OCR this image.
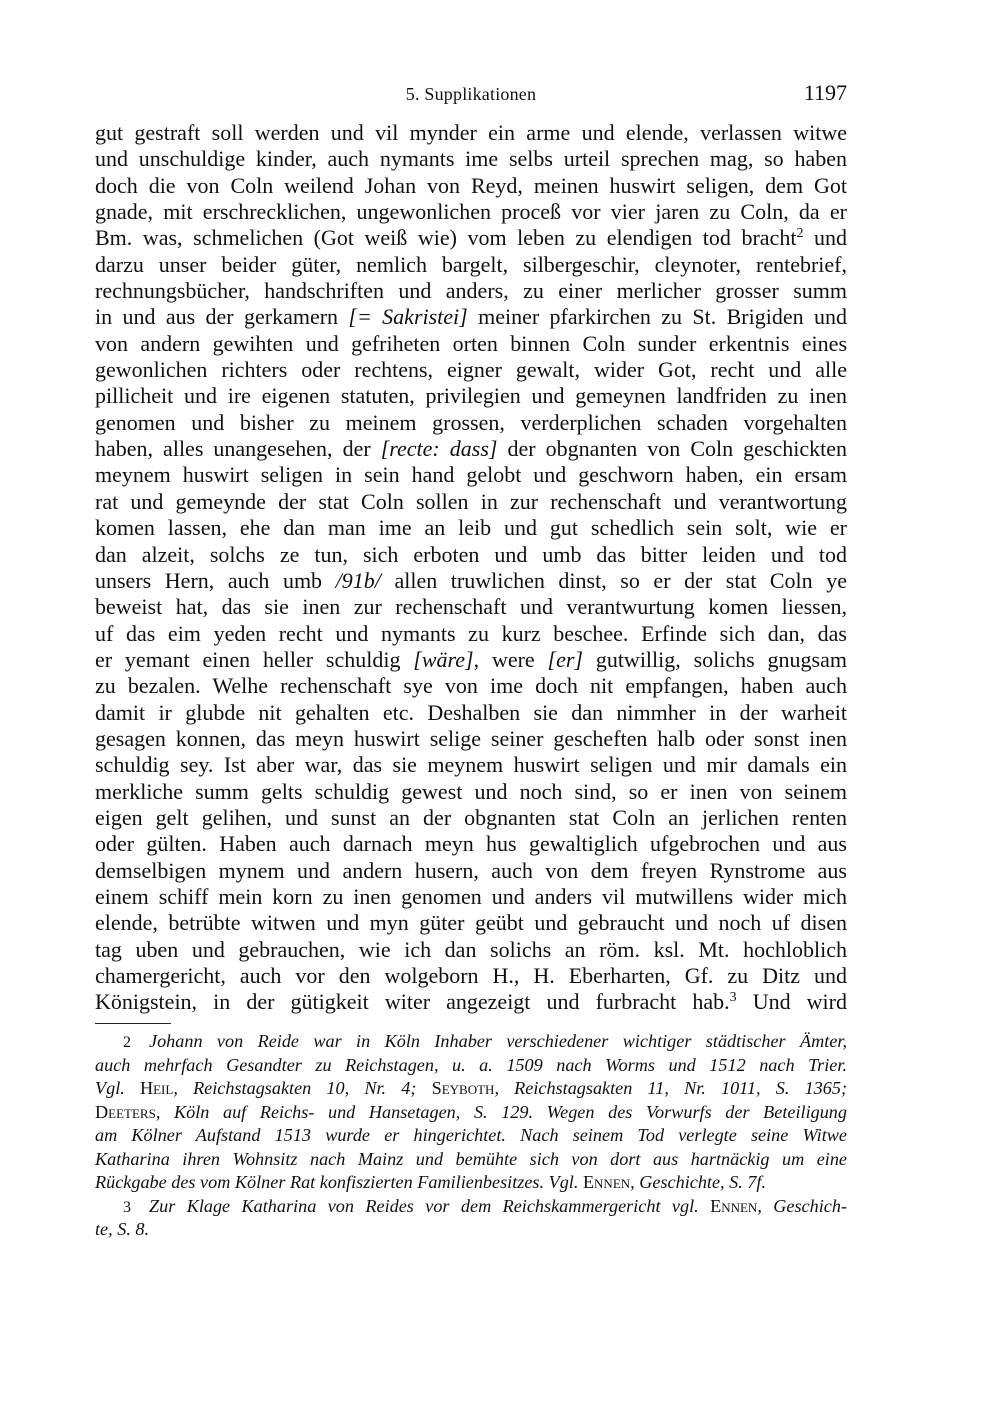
5. Supplikationen	1197
gut gestraft soll werden und vil mynder ein arme und elende, verlassen witwe
und unschuldige kinder, auch nymants ime selbs urteil sprechen mag, so haben
doch die von Coln weilend Johan von Reyd, meinen huswirt seligen, dem Got
gnade, mit erschrecklichen, ungewonlichen proceß vor vier jaren zu Coln, da er
Bm. was, schmelichen (Got weiß wie) vom leben zu elendigen tod bracht$^2$ und
darzu unser beider güter, nemlich bargelt, silbergeschir, cleynoter, rentebrief,
rechnungsbücher, handschriften und anders, zu einer merlicher grosser summ
in und aus der gerkamern [= Sakristei] meiner pfarkirchen zu St. Brigiden und
von andern gewihten und gefriheten orten binnen Coln sunder erkentnis eines
gewonlichen richters oder rechtens, eigner gewalt, wider Got, recht und alle
pillicheit und ire eigenen statuten, privilegien und gemeynen landfriden zu inen
genomen und bisher zu meinem grossen, verderplichen schaden vorgehalten
haben, alles unangesehen, der [recte: dass] der obgnanten von Coln geschickten
meynem huswirt seligen in sein hand gelobt und geschworn haben, ein ersam
rat und gemeynde der stat Coln sollen in zur rechenschaft und verantwortung
komen lassen, ehe dan man ime an leib und gut schedlich sein solt, wie er
dan alzeit, solchs ze tun, sich erboten und umb das bitter leiden und tod
unsers Hern, auch umb /91b/ allen truwlichen dinst, so er der stat Coln ye
beweist hat, das sie inen zur rechenschaft und verantwurtung komen liessen,
uf das eim yeden recht und nymants zu kurz beschee. Erfinde sich dan, das
er yemant einen heller schuldig [wäre], were [er] gutwillig, solichs gnugsam
zu bezalen. Welhe rechenschaft sye von ime doch nit empfangen, haben auch
damit ir glubde nit gehalten etc. Deshalben sie dan nimmher in der warheit
gesagen konnen, das meyn huswirt selige seiner gescheften halb oder sonst inen
schuldig sey. Ist aber war, das sie meynem huswirt seligen und mir damals ein
merkliche summ gelts schuldig gewest und noch sind, so er inen von seinem
eigen gelt gelihen, und sunst an der obgnanten stat Coln an jerlichen renten
oder gülten. Haben auch darnach meyn hus gewaltiglich ufgebrochen und aus
demselbigen mynem und andern husern, auch von dem freyen Rynstrome aus
einem schiff mein korn zu inen genomen und anders vil mutwillens wider mich
elende, betrübte witwen und myn güter geübt und gebraucht und noch uf disen
tag uben und gebrauchen, wie ich dan solichs an röm. ksl. Mt. hochloblich
chamergericht, auch vor den wolgeborn H., H. Eberharten, Gf. zu Ditz und
Königstein, in der gütigkeit witer angezeigt und furbracht hab.$^3$ Und wird
2 Johann von Reide war in Köln Inhaber verschiedener wichtiger städtischer Ämter,
auch mehrfach Gesandter zu Reichstagen, u. a. 1509 nach Worms und 1512 nach Trier.
Vgl. Heil, Reichstagsakten 10, Nr. 4; Seyboth, Reichstagsakten 11, Nr. 1011, S. 1365;
Deeters, Köln auf Reichs- und Hansetagen, S. 129. Wegen des Vorwurfs der Beteiligung
am Kölner Aufstand 1513 wurde er hingerichtet. Nach seinem Tod verlegte seine Witwe
Katharina ihren Wohnsitz nach Mainz und bemühte sich von dort aus hartnäckig um eine
Rückgabe des vom Kölner Rat konfiszierten Familienbesitzes. Vgl. Ennen, Geschichte, S. 7f.
3 Zur Klage Katharina von Reides vor dem Reichskammergericht vgl. Ennen, Geschich-
te, S. 8.
